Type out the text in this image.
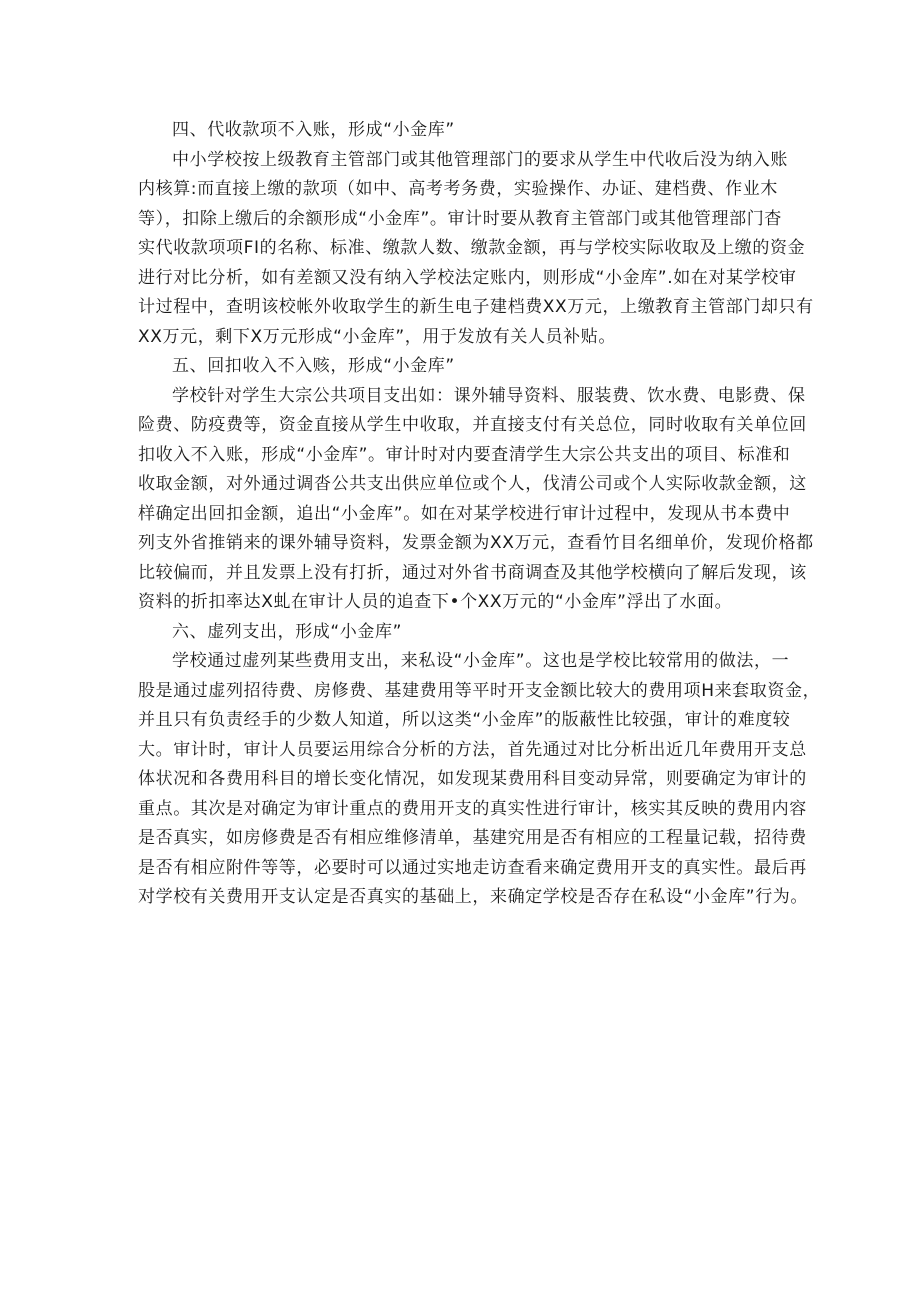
四、代收款项不入账，形成“小金库”
中小学校按上级教育主管部门或其他管理部门的要求从学生中代收后没为纳入账
内核算:而直接上缴的款项（如中、高考考务费，实验操作、办证、建档费、作业木
等），扣除上缴后的余额形成“小金库”。审计时要从教育主管部门或其他管理部门杳
实代收款项项FI的名称、标准、缴款人数、缴款金额，再与学校实际收取及上缴的资金
进行对比分析，如有差额又没有纳入学校法定账内，则形成“小金库”.如在对某学校审
计过程中，查明该校帐外收取学生的新生电子建档费XX万元，上缴教育主管部门却只有
XX万元，剩下X万元形成“小金库”，用于发放有关人员补贴。
五、回扣收入不入赅，形成“小金库”
学校针对学生大宗公共项目支出如：课外辅导资料、服装费、饮水费、电影费、保
险费、防疫费等，资金直接从学生中收取，并直接支付有关总位，同时收取有关单位回
扣收入不入账，形成“小金库”。审计时对内要査清学生大宗公共支出的项目、标准和
收取金额，对外通过调沓公共支出供应单位或个人，伐清公司或个人实际收款金额，这
样确定出回扣金额，追出“小金库”。如在对某学校进行审计过程中，发现从书本费中
列支外省推销来的课外辅导资料，发票金额为XX万元，查看竹目名细单价，发现价格都
比较偏而，并且发票上没有打折，通过对外省书商调查及其他学校横向了解后发现，该
资料的折扣率达X虬在审计人员的追查下•个XX万元的“小金库”浮出了水面。
六、虚列支出，形成“小金库”
学校通过虚列某些费用支出，来私设“小金库”。这也是学校比较常用的做法，一
股是通过虚列招待费、房修费、基建费用等平时开支金额比较大的费用项H来套取资金，
并且只有负责经手的少数人知道，所以这类“小金库”的版蔽性比较强，审计的难度较
大。审计时，审计人员要运用综合分析的方法，首先通过对比分析出近几年费用开支总
体状况和各费用科目的增长变化情况，如发现某费用科目变动异常，则要确定为审计的
重点。其次是对确定为审计重点的费用开支的真实性进行审计，核实其反映的费用内容
是否真实，如房修费是否有相应维修清单，基建究用是否有相应的工程量记载，招待费
是否有相应附件等等，必要时可以通过实地走访查看来确定费用开支的真实性。最后再
对学校有关费用开支认定是否真实的基础上，来确定学校是否存在私设“小金库”行为。
